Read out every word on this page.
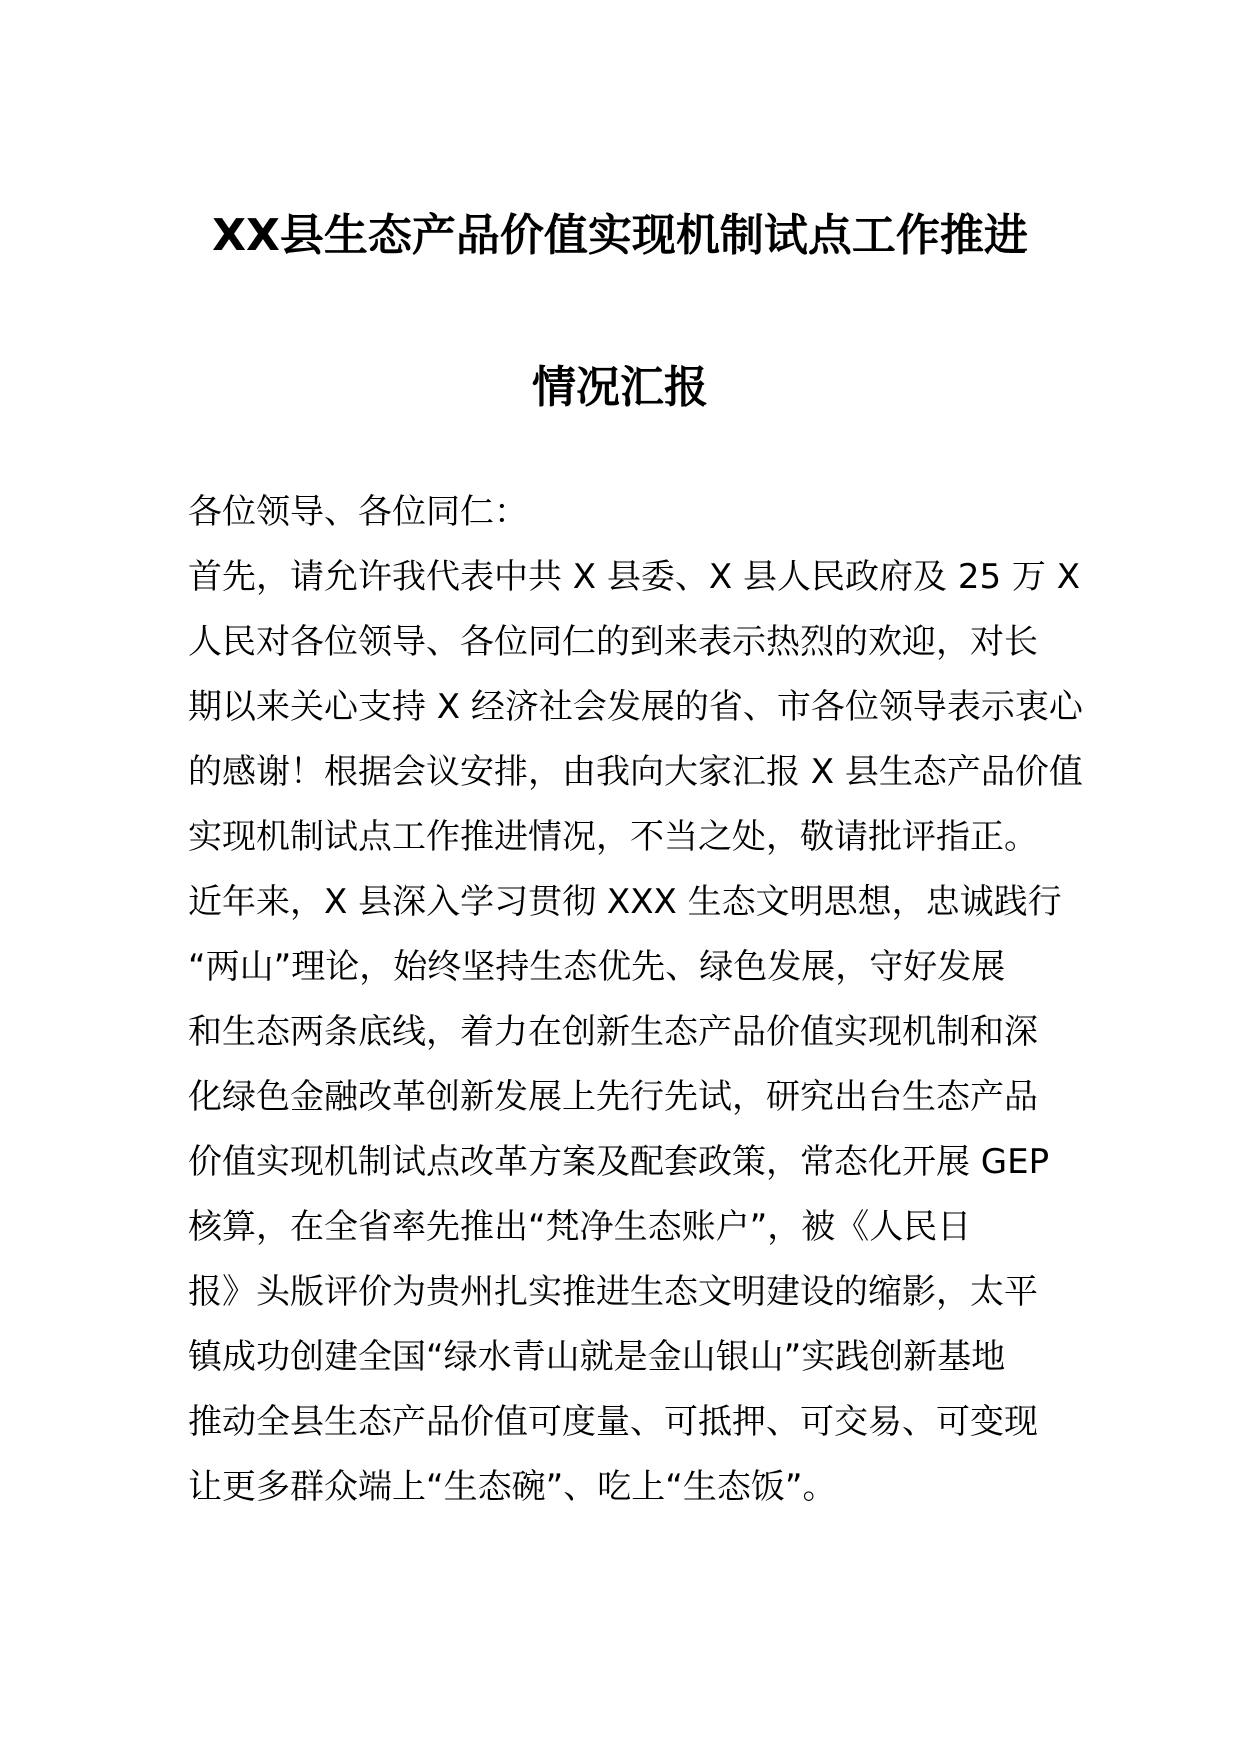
XX县生态产品价值实现机制试点工作推进
情况汇报
各位领导、各位同仁：
首先，请允许我代表中共 X 县委、X 县人民政府及 25 万 X
人民对各位领导、各位同仁的到来表示热烈的欢迎，对长
期以来关心支持 X 经济社会发展的省、市各位领导表示衷心
的感谢！根据会议安排，由我向大家汇报 X 县生态产品价值
实现机制试点工作推进情况，不当之处，敬请批评指正。
近年来，X 县深入学习贯彻 XXX 生态文明思想，忠诚践行
“两山”理论，始终坚持生态优先、绿色发展，守好发展
和生态两条底线，着力在创新生态产品价值实现机制和深
化绿色金融改革创新发展上先行先试，研究出台生态产品
价值实现机制试点改革方案及配套政策，常态化开展 GEP
核算，在全省率先推出“梵净生态账户”，被《人民日
报》头版评价为贵州扎实推进生态文明建设的缩影，太平
镇成功创建全国“绿水青山就是金山银山”实践创新基地
推动全县生态产品价值可度量、可抵押、可交易、可变现
让更多群众端上“生态碗”、吃上“生态饭”。
